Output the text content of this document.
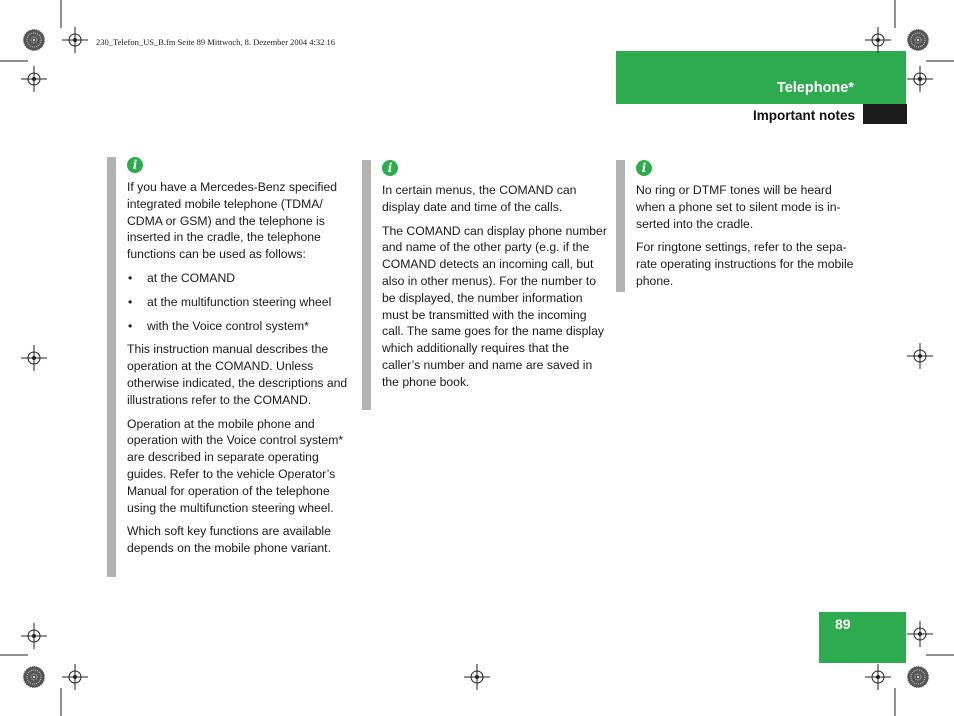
230_Telefon_US_B.fm Seite 89 Mittwoch, 8. Dezember 2004 4:32 16
Telephone*
Important notes
i

If you have a Mercedes-Benz specified integrated mobile telephone (TDMA/ CDMA or GSM) and the telephone is inserted in the cradle, the telephone functions can be used as follows:

• at the COMAND
• at the multifunction steering wheel
• with the Voice control system*

This instruction manual describes the operation at the COMAND. Unless otherwise indicated, the descriptions and illustrations refer to the COMAND.

Operation at the mobile phone and operation with the Voice control system* are described in separate operating guides. Refer to the vehicle Operator’s Manual for operation of the telephone using the multifunction steering wheel.

Which soft key functions are available depends on the mobile phone variant.

i

In certain menus, the COMAND can display date and time of the calls.

The COMAND can display phone number and name of the other party (e.g. if the COMAND detects an incoming call, but also in other menus). For the number to be displayed, the number information must be transmitted with the incoming call. The same goes for the name display which additionally requires that the caller’s number and name are saved in the phone book.

i

No ring or DTMF tones will be heard when a phone set to silent mode is in- serted into the cradle.

For ringtone settings, refer to the sepa- rate operating instructions for the mobile phone.

89
